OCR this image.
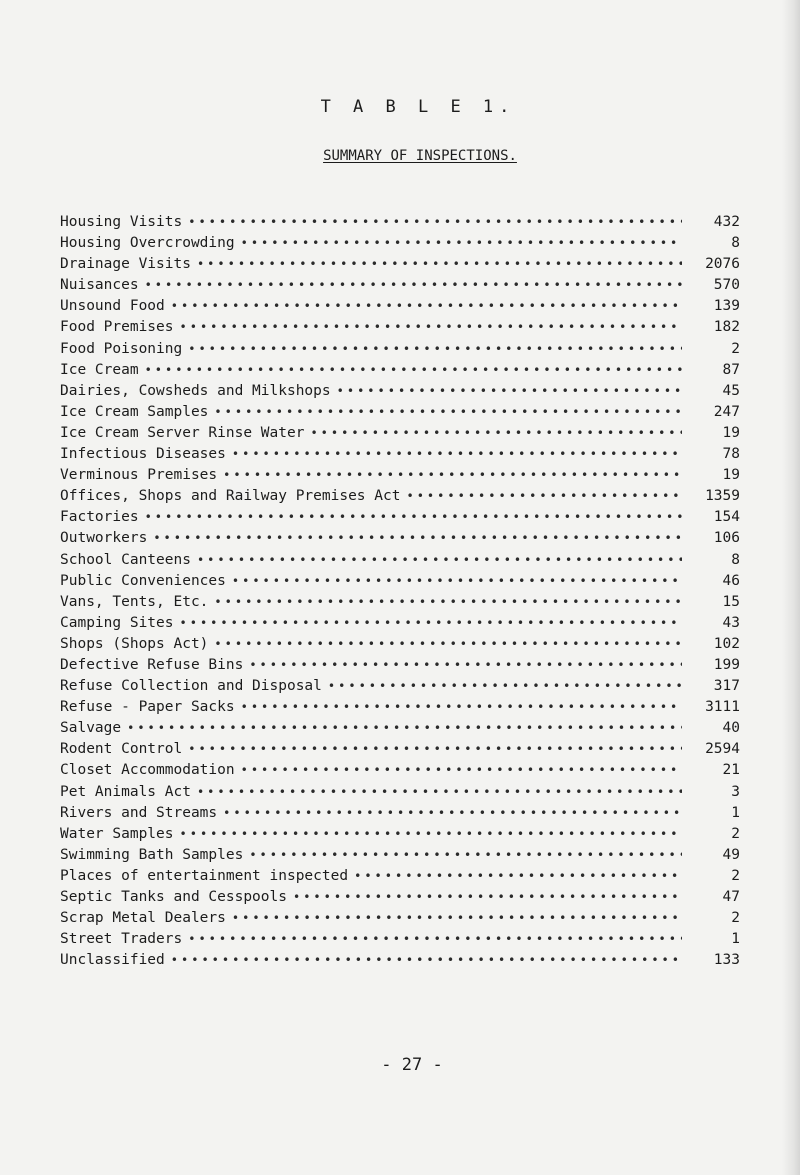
T A B L E 1.
SUMMARY OF INSPECTIONS.
Housing Visits •••••	432
Housing Overcrowding •••••	8
Drainage Visits •••••	2076
Nuisances •••••	570
Unsound Food •••••	139
Food Premises •••••	182
Food Poisoning •••••	2
Ice Cream •••••	87
Dairies, Cowsheds and Milkshops •••••	45
Ice Cream Samples •••••	247
Ice Cream Server Rinse Water •••••	19
Infectious Diseases •••••	78
Verminous Premises •••••	19
Offices, Shops and Railway Premises Act •••••	1359
Factories •••••	154
Outworkers •••••	106
School Canteens •••••	8
Public Conveniences •••••	46
Vans, Tents, Etc. •••••	15
Camping Sites •••••	43
Shops (Shops Act) •••••	102
Defective Refuse Bins •••••	199
Refuse Collection and Disposal •••••	317
Refuse - Paper Sacks •••••	3111
Salvage •••••	40
Rodent Control •••••	2594
Closet Accommodation •••••	21
Pet Animals Act •••••	3
Rivers and Streams •••••	1
Water Samples •••••	2
Swimming Bath Samples •••••	49
Places of entertainment inspected •••••	2
Septic Tanks and Cesspools •••••	47
Scrap Metal Dealers •••••	2
Street Traders •••••	1
Unclassified •••••	133
- 27 -
